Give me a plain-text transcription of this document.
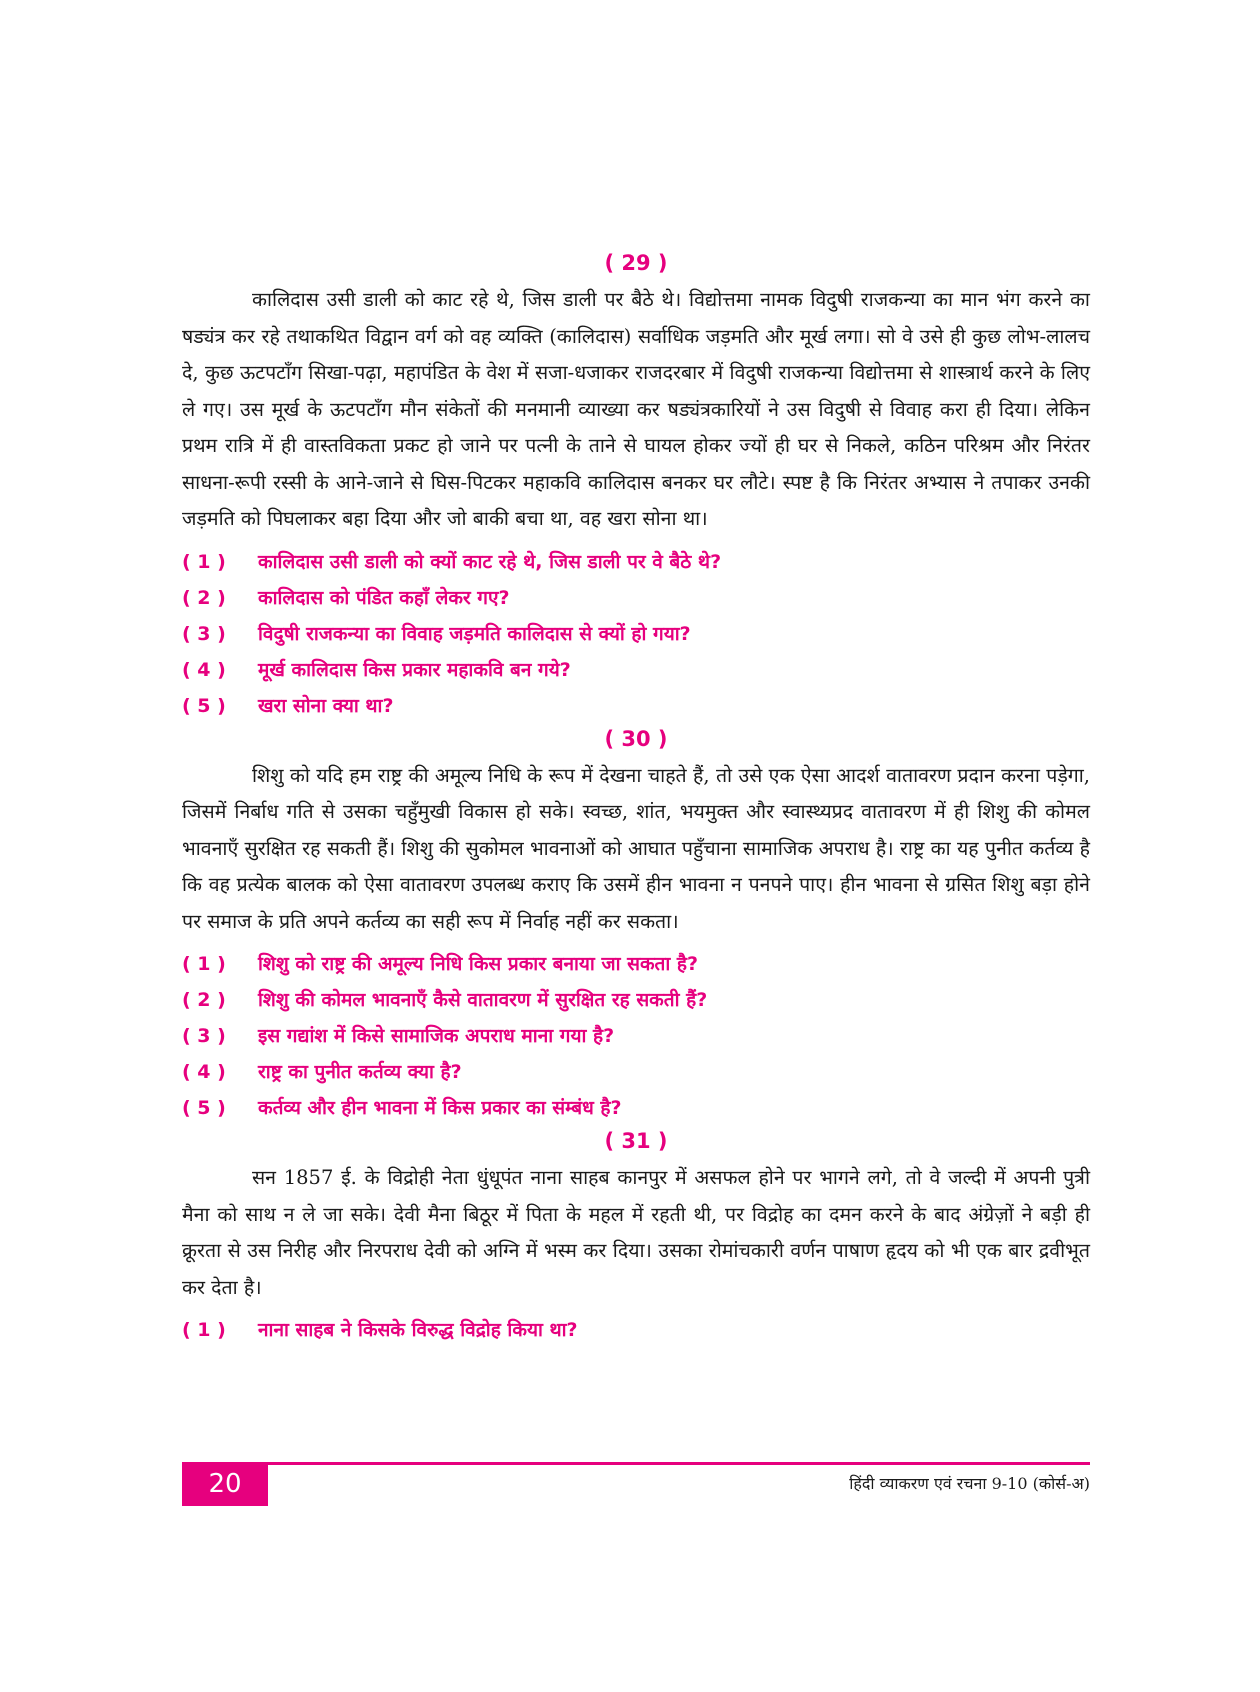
( 29 )

कालिदास उसी डाली को काट रहे थे, जिस डाली पर बैठे थे। विद्योत्तमा नामक विदुषी राजकन्या का मान भंग करने का षड्यंत्र कर रहे तथाकथित विद्वान वर्ग को वह व्यक्ति (कालिदास) सर्वाधिक जड़मति और मूर्ख लगा। सो वे उसे ही कुछ लोभ-लालच दे, कुछ ऊटपटाँग सिखा-पढ़ा, महापंडित के वेश में सजा-धजाकर राजदरबार में विदुषी राजकन्या विद्योत्तमा से शास्त्रार्थ करने के लिए ले गए। उस मूर्ख के ऊटपटाँग मौन संकेतों की मनमानी व्याख्या कर षड्यंत्रकारियों ने उस विदुषी से विवाह करा ही दिया। लेकिन प्रथम रात्रि में ही वास्तविकता प्रकट हो जाने पर पत्नी के ताने से घायल होकर ज्यों ही घर से निकले, कठिन परिश्रम और निरंतर साधना-रूपी रस्सी के आने-जाने से घिस-पिटकर महाकवि कालिदास बनकर घर लौटे। स्पष्ट है कि निरंतर अभ्यास ने तपाकर उनकी जड़मति को पिघलाकर बहा दिया और जो बाकी बचा था, वह खरा सोना था।

( 1 )	कालिदास उसी डाली को क्यों काट रहे थे, जिस डाली पर वे बैठे थे?
( 2 )	कालिदास को पंडित कहाँ लेकर गए?
( 3 )	विदुषी राजकन्या का विवाह जड़मति कालिदास से क्यों हो गया?
( 4 )	मूर्ख कालिदास किस प्रकार महाकवि बन गये?
( 5 )	खरा सोना क्या था?
( 30 )

शिशु को यदि हम राष्ट्र की अमूल्य निधि के रूप में देखना चाहते हैं, तो उसे एक ऐसा आदर्श वातावरण प्रदान करना पड़ेगा, जिसमें निर्बाध गति से उसका चहुँमुखी विकास हो सके। स्वच्छ, शांत, भयमुक्त और स्वास्थ्यप्रद वातावरण में ही शिशु की कोमल भावनाएँ सुरक्षित रह सकती हैं। शिशु की सुकोमल भावनाओं को आघात पहुँचाना सामाजिक अपराध है। राष्ट्र का यह पुनीत कर्तव्य है कि वह प्रत्येक बालक को ऐसा वातावरण उपलब्ध कराए कि उसमें हीन भावना न पनपने पाए। हीन भावना से ग्रसित शिशु बड़ा होने पर समाज के प्रति अपने कर्तव्य का सही रूप में निर्वाह नहीं कर सकता।

( 1 )	शिशु को राष्ट्र की अमूल्य निधि किस प्रकार बनाया जा सकता है?
( 2 )	शिशु की कोमल भावनाएँ कैसे वातावरण में सुरक्षित रह सकती हैं?
( 3 )	इस गद्यांश में किसे सामाजिक अपराध माना गया है?
( 4 )	राष्ट्र का पुनीत कर्तव्य क्या है?
( 5 )	कर्तव्य और हीन भावना में किस प्रकार का संम्बंध है?
( 31 )

सन 1857 ई. के विद्रोही नेता धुंधूपंत नाना साहब कानपुर में असफल होने पर भागने लगे, तो वे जल्दी में अपनी पुत्री मैना को साथ न ले जा सके। देवी मैना बिठूर में पिता के महल में रहती थी, पर विद्रोह का दमन करने के बाद अंग्रेज़ों ने बड़ी ही क्रूरता से उस निरीह और निरपराध देवी को अग्नि में भस्म कर दिया। उसका रोमांचकारी वर्णन पाषाण हृदय को भी एक बार द्रवीभूत कर देता है।

( 1 )	नाना साहब ने किसके विरुद्ध विद्रोह किया था?
20	हिंदी व्याकरण एवं रचना 9-10 (कोर्स-अ)
